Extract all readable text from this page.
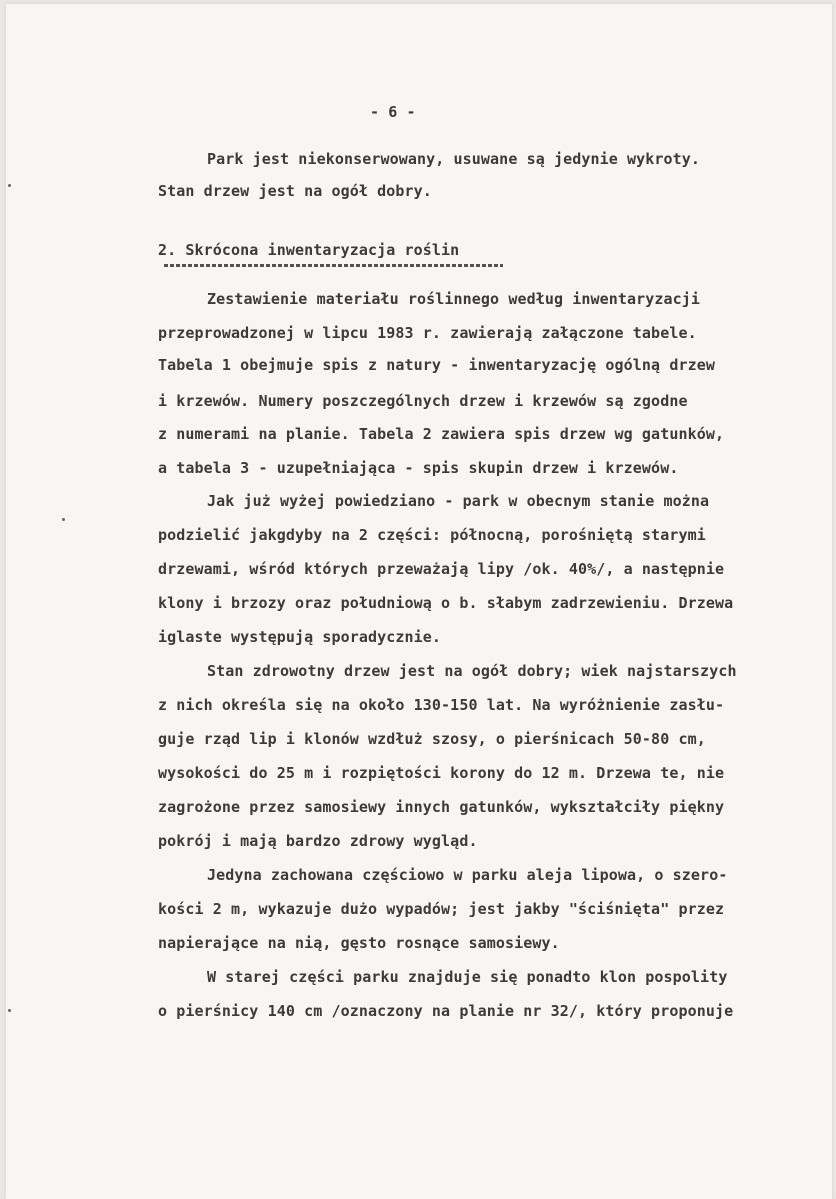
- 6 -
Park jest niekonserwowany, usuwane są jedynie wykroty.
Stan drzew jest na ogół dobry.
2. Skrócona inwentaryzacja roślin
Zestawienie materiału roślinnego według inwentaryzacji
przeprowadzonej w lipcu 1983 r. zawierają załączone tabele.
Tabela 1 obejmuje spis z natury - inwentaryzację ogólną drzew
i krzewów. Numery poszczególnych drzew i krzewów są zgodne
z numerami na planie. Tabela 2 zawiera spis drzew wg gatunków,
a tabela 3 - uzupełniająca - spis skupin drzew i krzewów.
Jak już wyżej powiedziano - park w obecnym stanie można
podzielić jakgdyby na 2 części: północną, porośniętą starymi
drzewami, wśród których przeważają lipy /ok. 40%/, a następnie
klony i brzozy oraz południową o b. słabym zadrzewieniu. Drzewa
iglaste występują sporadycznie.
Stan zdrowotny drzew jest na ogół dobry; wiek najstarszych
z nich określa się na około 130-150 lat. Na wyróżnienie zasłu-
guje rząd lip i klonów wzdłuż szosy, o pierśnicach 50-80 cm,
wysokości do 25 m i rozpiętości korony do 12 m. Drzewa te, nie
zagrożone przez samosiewy innych gatunków, wykształciły piękny
pokrój i mają bardzo zdrowy wygląd.
Jedyna zachowana częściowo w parku aleja lipowa, o szero-
kości 2 m, wykazuje dużo wypadów; jest jakby "ściśnięta" przez
napierające na nią, gęsto rosnące samosiewy.
W starej części parku znajduje się ponadto klon pospolity
o pierśnicy 140 cm /oznaczony na planie nr 32/, który proponuje
